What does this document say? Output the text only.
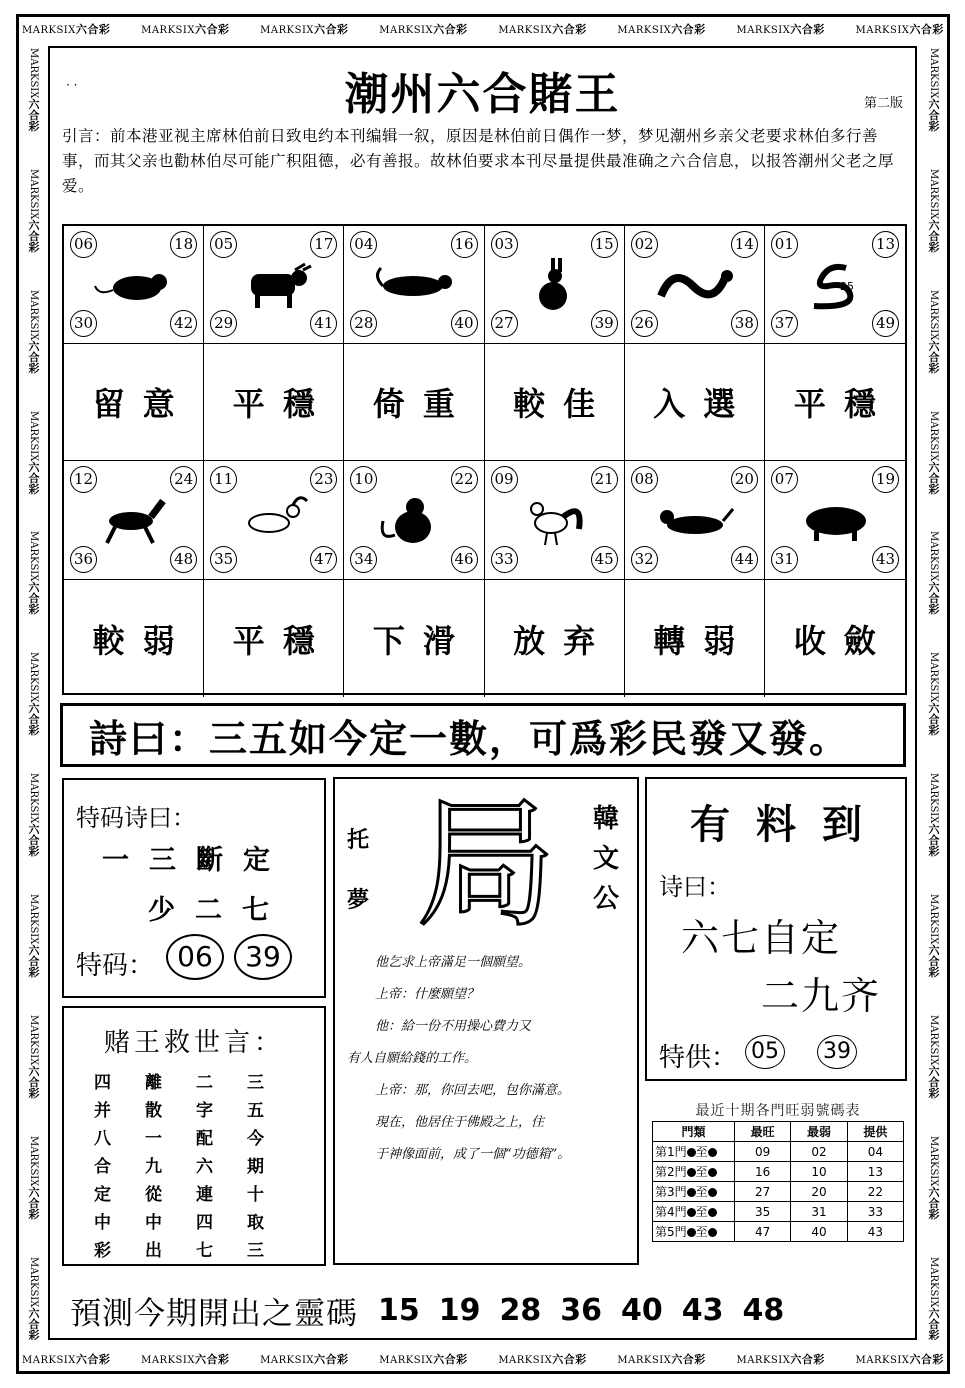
MARKSIX六合彩	MARKSIX六合彩	MARKSIX六合彩	MARKSIX六合彩	MARKSIX六合彩	MARKSIX六合彩	MARKSIX六合彩	MARKSIX六合彩
MARKSIX六合彩	MARKSIX六合彩	MARKSIX六合彩	MARKSIX六合彩	MARKSIX六合彩	MARKSIX六合彩	MARKSIX六合彩	MARKSIX六合彩
MARKSIX六合彩
MARKSIX六合彩
MARKSIX六合彩
MARKSIX六合彩
MARKSIX六合彩
MARKSIX六合彩
MARKSIX六合彩
MARKSIX六合彩
MARKSIX六合彩
MARKSIX六合彩
MARKSIX六合彩
MARKSIX六合彩
MARKSIX六合彩
MARKSIX六合彩
MARKSIX六合彩
MARKSIX六合彩
MARKSIX六合彩
MARKSIX六合彩
MARKSIX六合彩
MARKSIX六合彩
MARKSIX六合彩
MARKSIX六合彩
· ·	潮州六合賭王	第二版
引言：前本港亚视主席林伯前日致电约本刊编辑一叙，原因是林伯前日偶作一梦，梦见潮州乡亲父老要求林伯多行善事，而其父亲也勸林伯尽可能广积阻德，必有善报。故林伯要求本刊尽量提供最准确之六合信息，以报答潮州父老之厚爱。
06	18
30	42
05	17
29	41
04	16
28	40
03	15
27	39
02	14
26	38
01	13
37	49
25
留意	平穩	倚重	較佳	入選	平穩
12	24
36	48
11	23
35	47
10	22
34	46
09	21
33	45
08	20
32	44
07	19
31	43
較弱	平穩	下滑	放弃	轉弱	收斂
詩曰：三五如今定一數，可爲彩民發又發。
特码诗曰：
一三斷定
少二七
特码： 06	39
赌王救世言：
四	離	二	三
并	散	字	五
八	一	配	今
合	九	六	期
定	從	連	十
中	中	四	取
彩	出	七	三
托夢 局 韓文公

他乞求上帝滿足一個願望。

上帝：什麼願望？

他：給一份不用操心費力又

有人自願給錢的工作。

上帝：那，你回去吧，包你滿意。

現在，他居住于佛殿之上，住

于神像面前，成了一個“功德箱”。

有料到
诗曰：
六七自定
二九齐
特供： 05 39
最近十期各門旺弱號碼表
門類	最旺	最弱	提供
第1門 至	09	02	04
第2門 至	16	10	13
第3門 至	27	20	22
第4門 至	35	31	33
第5門 至	47	40	43
預測今期開出之靈碼 15 19 28 36 40 43 48
